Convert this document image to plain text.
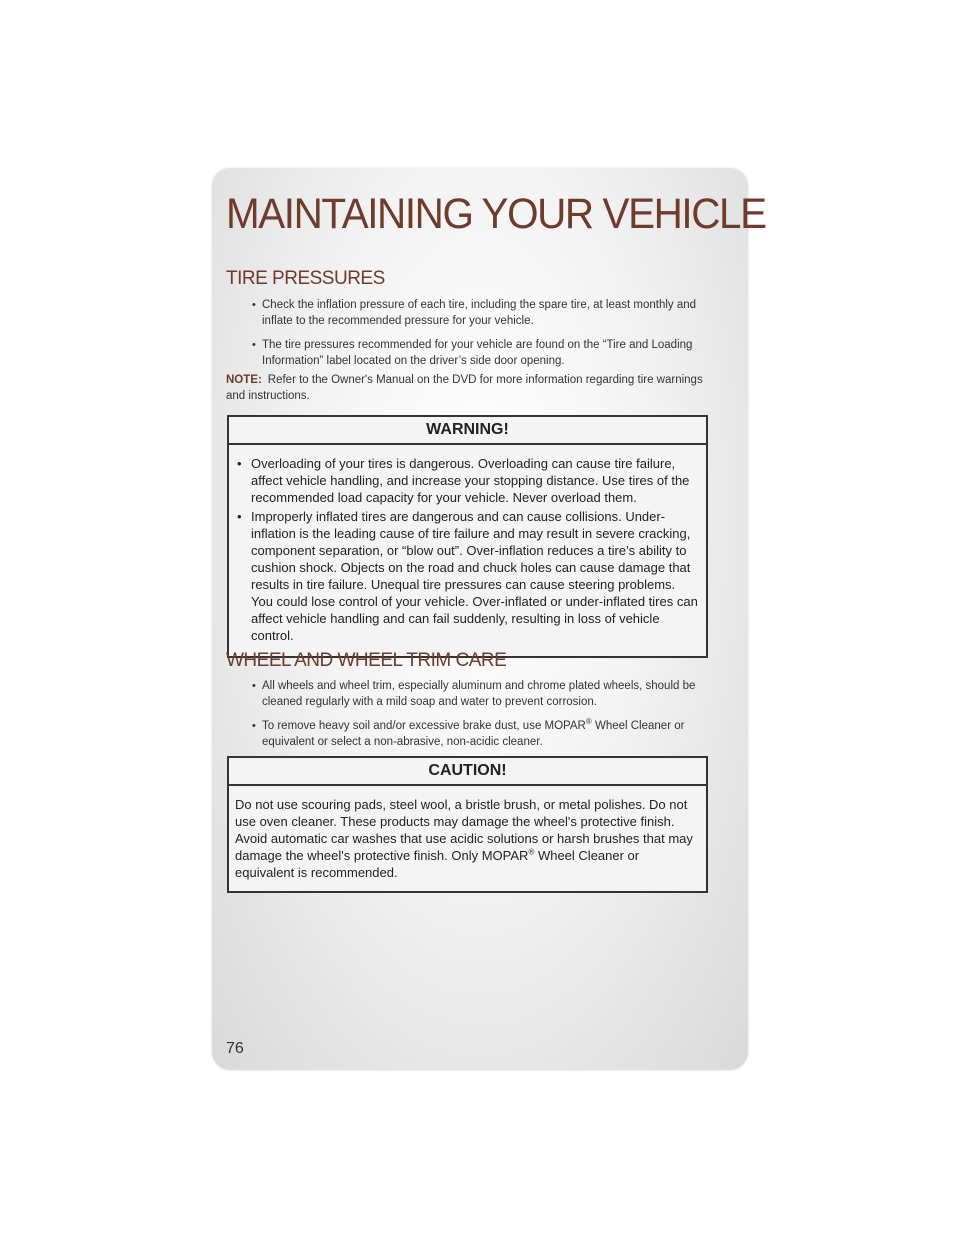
MAINTAINING YOUR VEHICLE
TIRE PRESSURES
• Check the inflation pressure of each tire, including the spare tire, at least monthly and inflate to the recommended pressure for your vehicle.
• The tire pressures recommended for your vehicle are found on the “Tire and Loading Information” label located on the driver’s side door opening.
NOTE: Refer to the Owner's Manual on the DVD for more information regarding tire warnings and instructions.
WARNING!
• Overloading of your tires is dangerous. Overloading can cause tire failure, affect vehicle handling, and increase your stopping distance. Use tires of the recommended load capacity for your vehicle. Never overload them.
• Improperly inflated tires are dangerous and can cause collisions. Under-inflation is the leading cause of tire failure and may result in severe cracking, component separation, or “blow out”. Over-inflation reduces a tire’s ability to cushion shock. Objects on the road and chuck holes can cause damage that results in tire failure. Unequal tire pressures can cause steering problems. You could lose control of your vehicle. Over-inflated or under-inflated tires can affect vehicle handling and can fail suddenly, resulting in loss of vehicle control.
WHEEL AND WHEEL TRIM CARE
• All wheels and wheel trim, especially aluminum and chrome plated wheels, should be cleaned regularly with a mild soap and water to prevent corrosion.
• To remove heavy soil and/or excessive brake dust, use MOPAR® Wheel Cleaner or equivalent or select a non-abrasive, non-acidic cleaner.
CAUTION!

Do not use scouring pads, steel wool, a bristle brush, or metal polishes. Do not use oven cleaner. These products may damage the wheel's protective finish. Avoid automatic car washes that use acidic solutions or harsh brushes that may damage the wheel's protective finish. Only MOPAR® Wheel Cleaner or equivalent is recommended.

76
